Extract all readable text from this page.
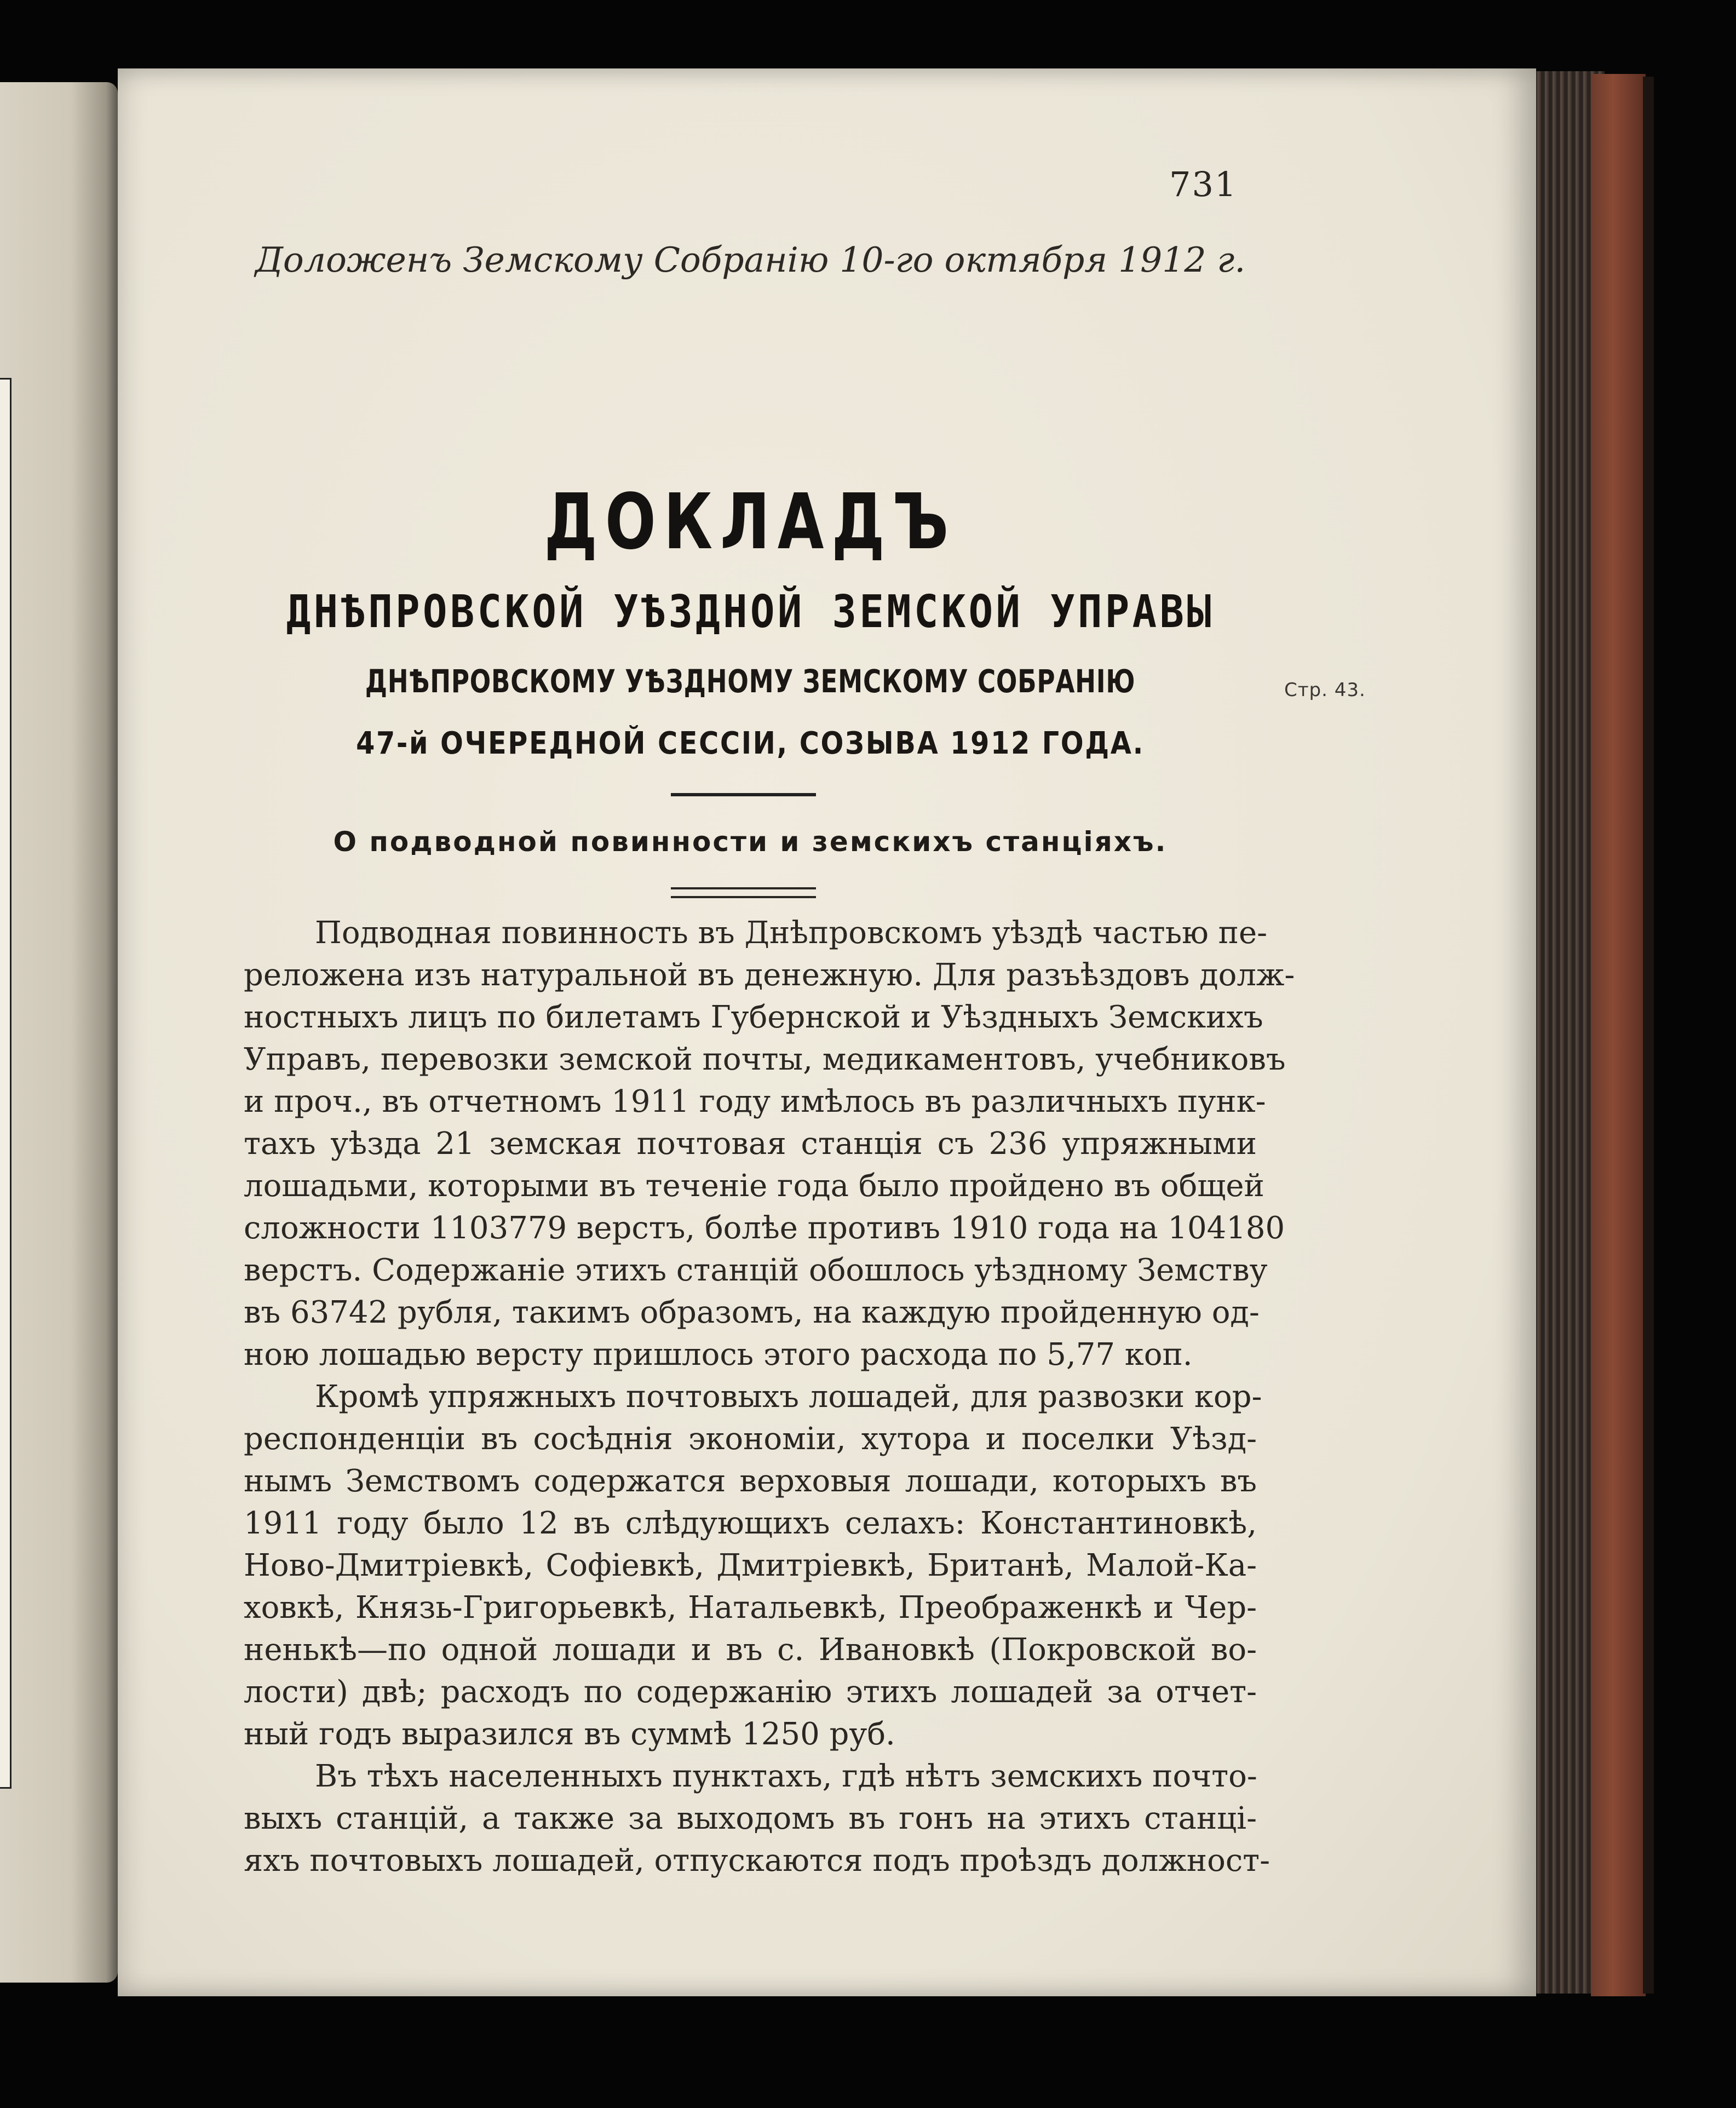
731
Доложенъ Земскому Собранію 10-го октября 1912 г.
ДОКЛАДЪ
ДНѢПРОВСКОЙ УѢЗДНОЙ ЗЕМСКОЙ УПРАВЫ
ДНѢПРОВСКОМУ УѢЗДНОМУ ЗЕМСКОМУ СОБРАНІЮ
47-й ОЧЕРЕДНОЙ СЕССІИ, СОЗЫВА 1912 ГОДА.
Стр. 43.
О подводной повинности и земскихъ станціяхъ.
Подводная повинность въ Днѣпровскомъ уѣздѣ частью пе-
реложена изъ натуральной въ денежную. Для разъѣздовъ долж-
ностныхъ лицъ по билетамъ Губернской и Уѣздныхъ Земскихъ
Управъ, перевозки земской почты, медикаментовъ, учебниковъ
и проч., въ отчетномъ 1911 году имѣлось въ различныхъ пунк-
тахъ уѣзда 21 земская почтовая станція съ 236 упряжными
лошадьми, которыми въ теченіе года было пройдено въ общей
сложности 1103779 верстъ, болѣе противъ 1910 года на 104180
верстъ. Содержаніе этихъ станцій обошлось уѣздному Земству
въ 63742 рубля, такимъ образомъ, на каждую пройденную од-
ною лошадью версту пришлось этого расхода по 5,77 коп.
Кромѣ упряжныхъ почтовыхъ лошадей, для развозки кор-
респонденціи въ сосѣднія экономіи, хутора и поселки Уѣзд-
нымъ Земствомъ содержатся верховыя лошади, которыхъ въ
1911 году было 12 въ слѣдующихъ селахъ: Константиновкѣ,
Ново-Дмитріевкѣ, Софіевкѣ, Дмитріевкѣ, Британѣ, Малой-Ка-
ховкѣ, Князь-Григорьевкѣ, Натальевкѣ, Преображенкѣ и Чер-
ненькѣ—по одной лошади и въ с. Ивановкѣ (Покровской во-
лости) двѣ; расходъ по содержанію этихъ лошадей за отчет-
ный годъ выразился въ суммѣ 1250 руб.
Въ тѣхъ населенныхъ пунктахъ, гдѣ нѣтъ земскихъ почто-
выхъ станцій, а также за выходомъ въ гонъ на этихъ станці-
яхъ почтовыхъ лошадей, отпускаются подъ проѣздъ должност-
